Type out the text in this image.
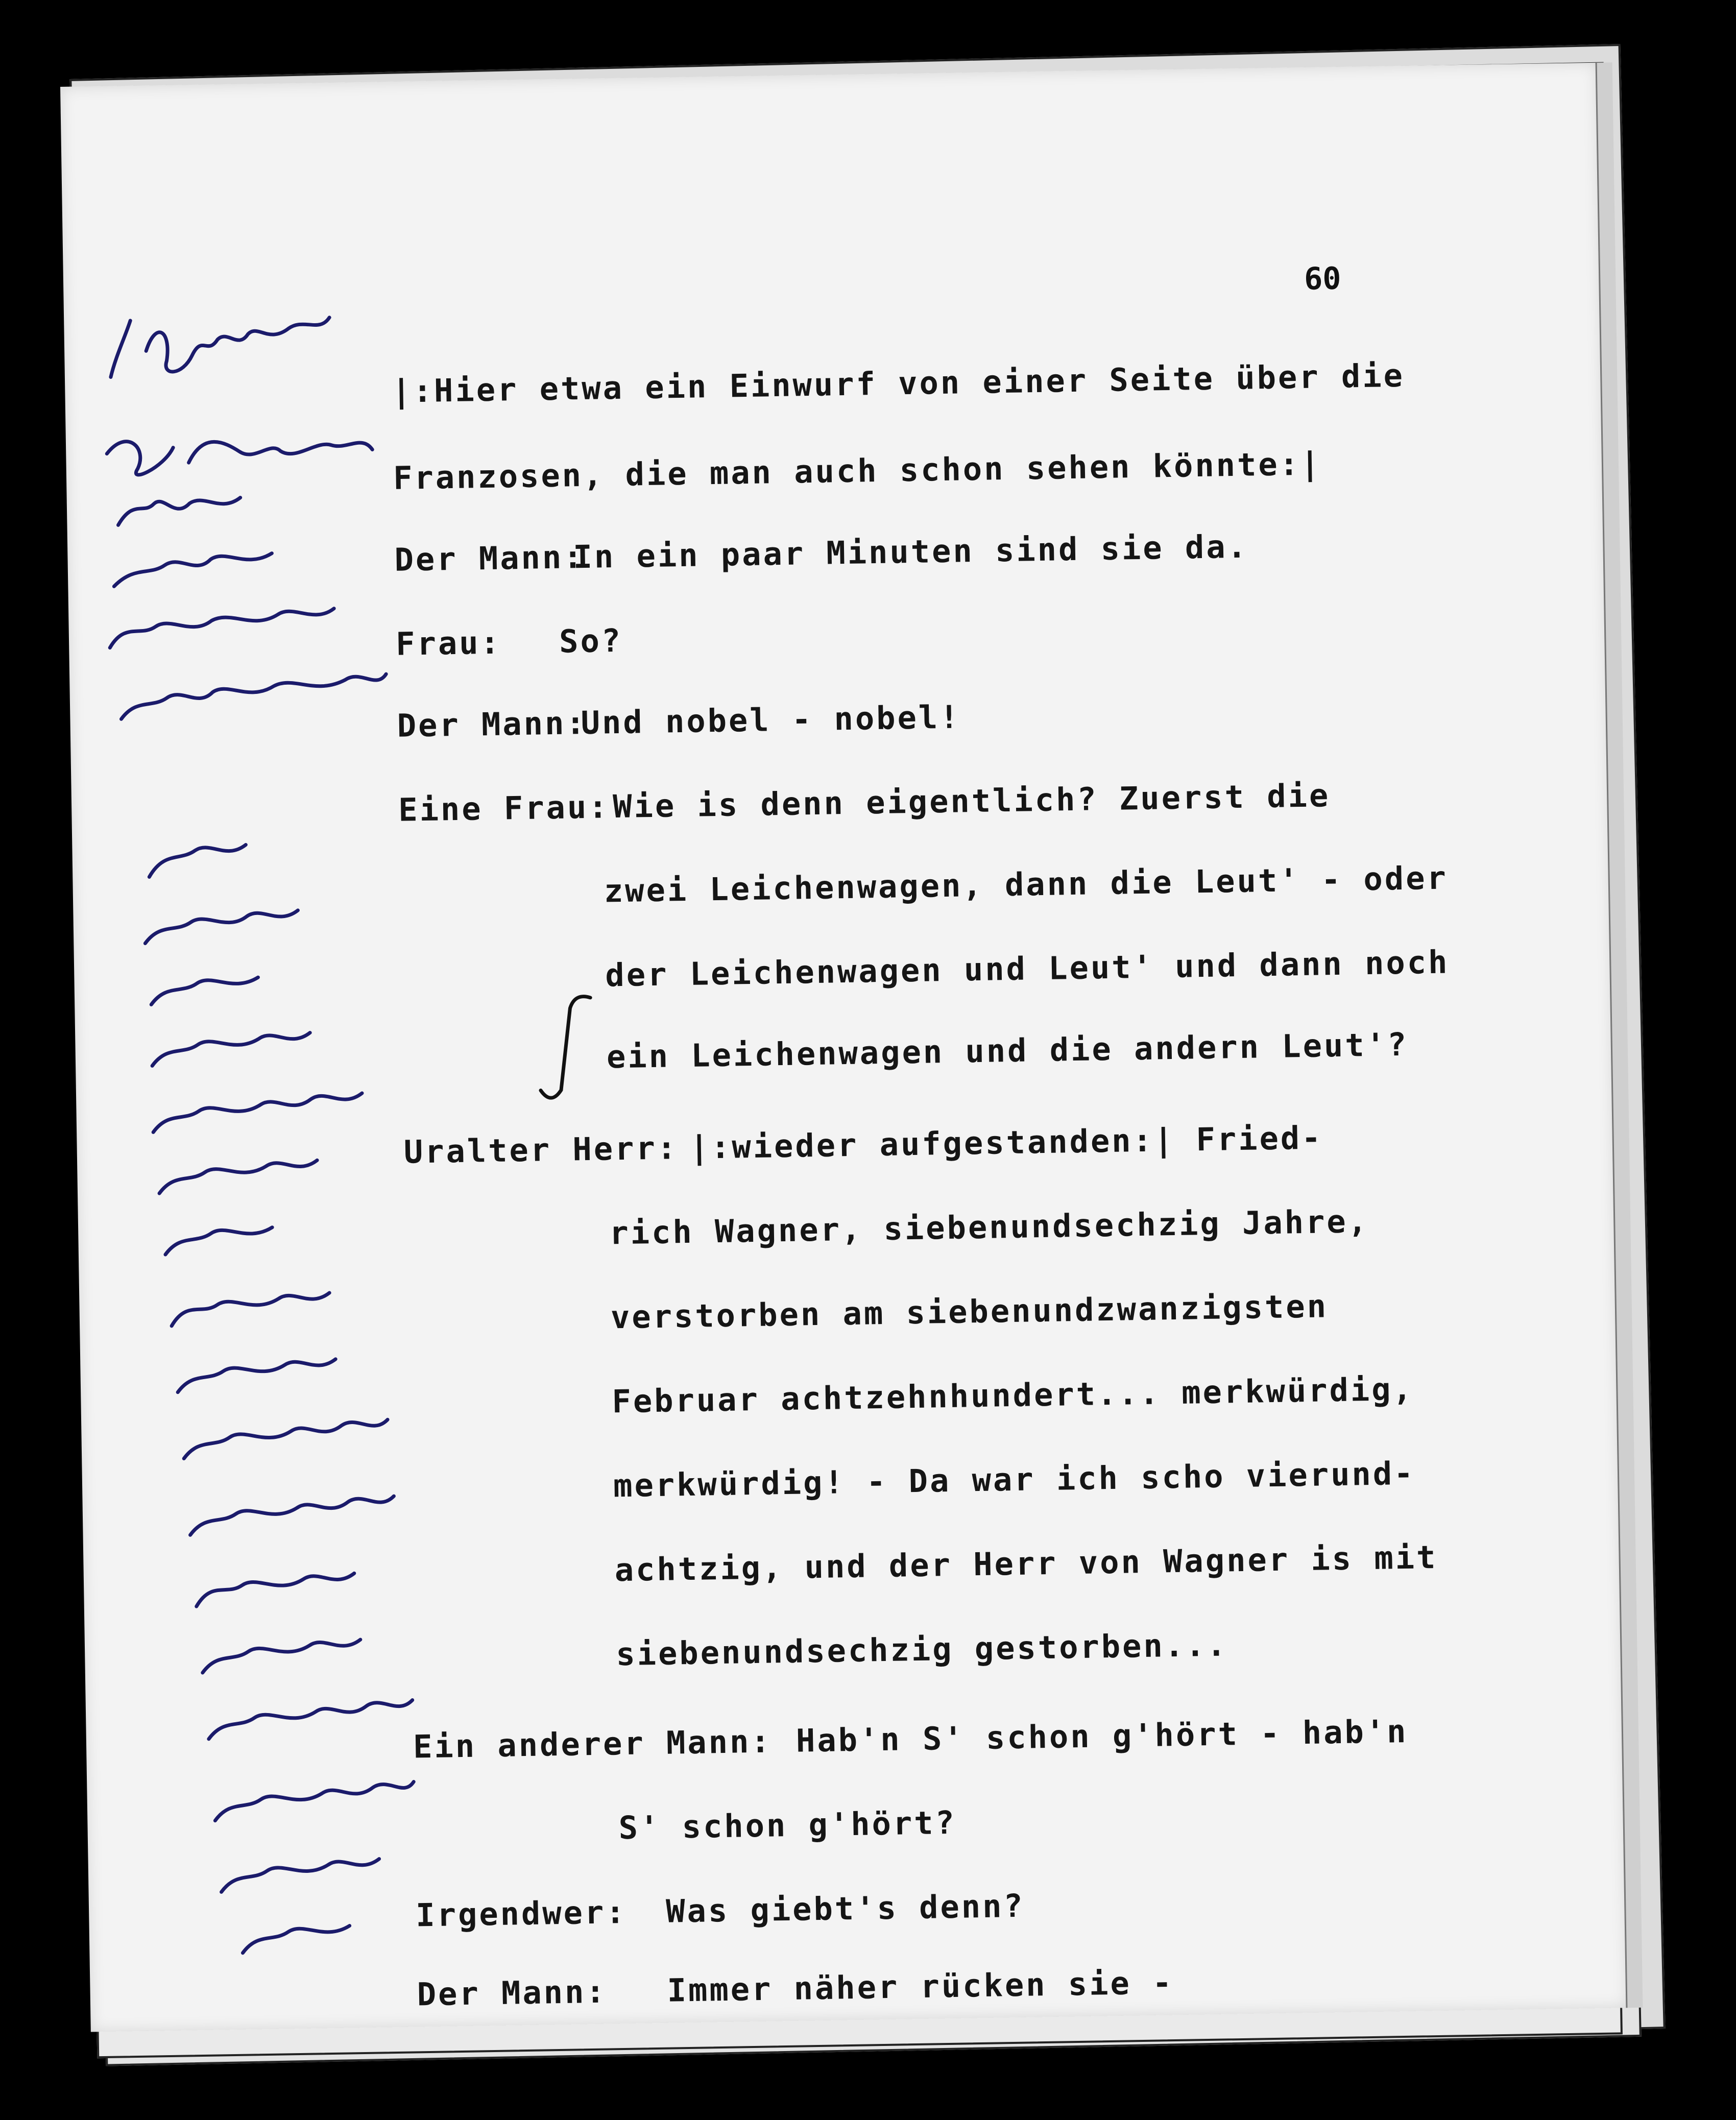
60
|:Hier etwa ein Einwurf von einer Seite über die
Franzosen, die man auch schon sehen könnte:|
Der Mann:
In ein paar Minuten sind sie da.
Frau: So?
Der Mann:
Und nobel - nobel!
Eine Frau: Wie is denn eigentlich? Zuerst die
zwei Leichenwagen, dann die Leut' - oder
der Leichenwagen und Leut' und dann noch
ein Leichenwagen und die andern Leut'?
Uralter Herr: |:wieder aufgestanden:| Fried-
rich Wagner, siebenundsechzig Jahre,
verstorben am siebenundzwanzigsten
Februar achtzehnhundert... merkwürdig,
merkwürdig! - Da war ich scho vierund-
achtzig, und der Herr von Wagner is mit
siebenundsechzig gestorben...
Ein anderer Mann: Hab'n S' schon g'hört - hab'n
S' schon g'hört?
Irgendwer: Was giebt's denn?
Der Mann: Immer näher rücken sie -
